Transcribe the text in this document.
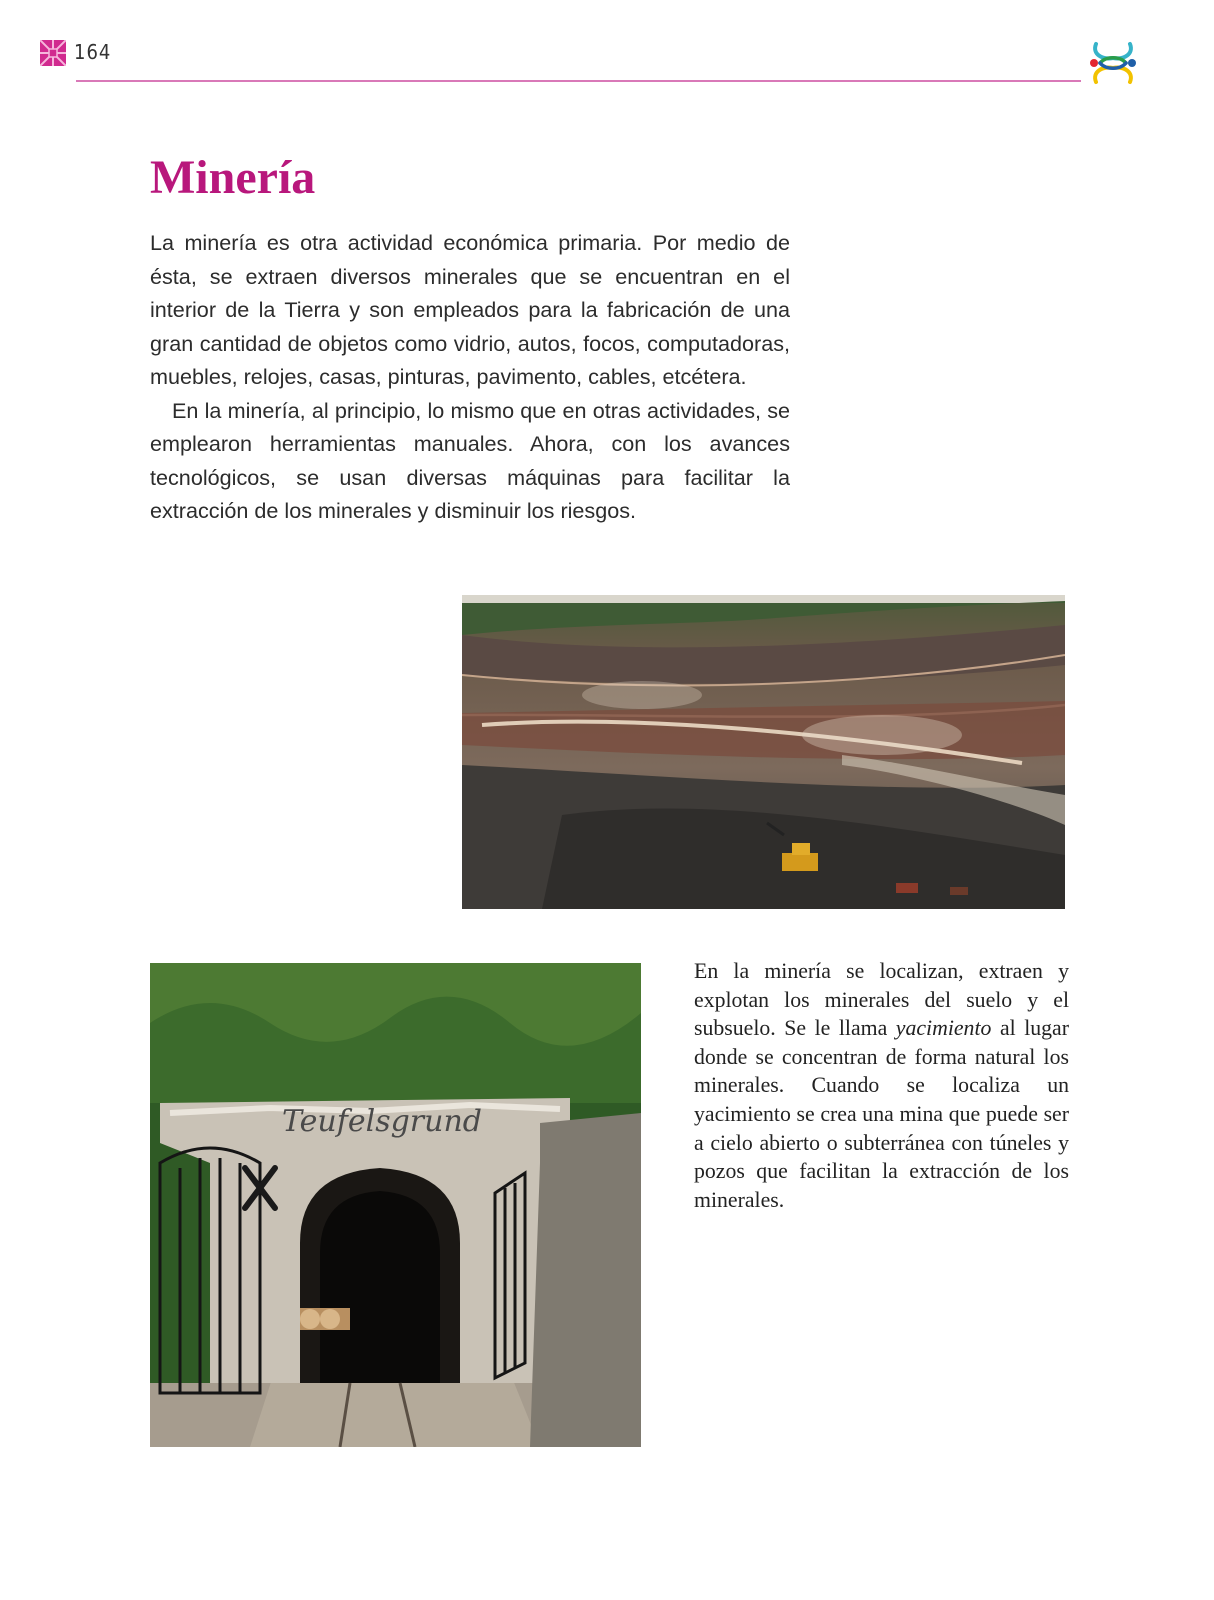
164
Minería

La minería es otra actividad económica primaria. Por medio de ésta, se extraen diversos minerales que se encuentran en el interior de la Tierra y son empleados para la fabricación de una gran cantidad de objetos como vidrio, autos, focos, computadoras, muebles, relojes, casas, pinturas, pavimento, cables, etcétera.

En la minería, al principio, lo mismo que en otras actividades, se emplearon herramientas manuales. Ahora, con los avances tecnológicos, se usan diversas máquinas para facilitar la extracción de los minerales y disminuir los riesgos.

Teufelsgrund

En la minería se localizan, extraen y explotan los minerales del suelo y el subsuelo. Se le llama yacimiento al lugar donde se concentran de forma natural los minerales. Cuando se localiza un yacimiento se crea una mina que puede ser a cielo abierto o subterránea con túneles y pozos que facilitan la extracción de los minerales.
